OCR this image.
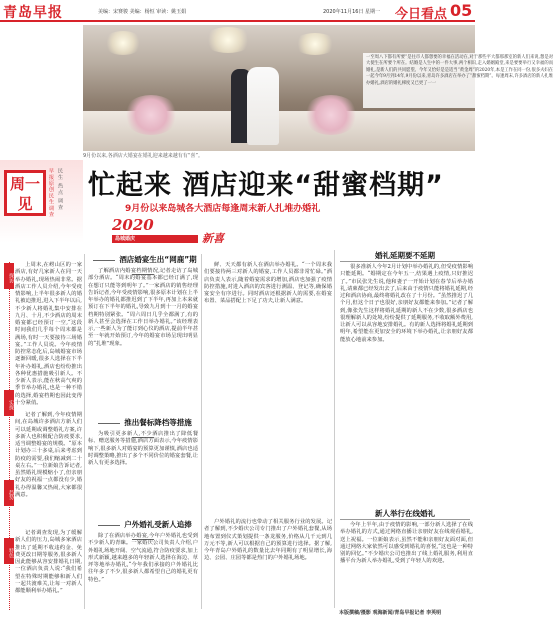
青岛早报	美编：宋赛骏 美编：杨恒 审读：姚玉娟	2020年11月16日 星期一 今日看点 05
一至周八下都有所要“是往市人都想要的幸福在活动在,对于那些平大都那那室的新人们来说,想是对大使生在所要个所在。结婚是人生中的一件大事,两个相识,走入婚姻殿堂,来是要要举行又幸福的而婚礼,是新人们的共同愿望。今年又恰好是是适当“黄金周”的2020年,本是工作在同一份,很多夫妇在一起今年9月到14年,9月份以来,青岛许多酒店在举办了“甜蜜档期”。每逢周末,许多酒店的新人扎堆办婚礼,酒店的婚礼梯度又已更了一一
9月份以来,各酒店大婚宴在婚礼迎来越来越有有“喜”。
周一见	早报原创民生调查 民生 热点 调查
探访
实探
趋势
特色
忙起来 酒店迎来“甜蜜档期”
9月份以来岛城各大酒店每逢周末新人扎堆办婚礼
2020
岛城婚庆	新喜
上周末,在崂山区的一家酒店,有好几家新人在同一天举办婚礼,现场热闹非常。据酒店工作人员介绍,今年受疫情影响,上半年很多新人的婚礼被迫推迟,进入下半年以后,不少新人将婚礼集中安排在九月、十月,不少酒店的周末婚宴都已经预订一空,“这段时间我们几乎每个周末都是满场,有时一天要接待三场婚宴。”工作人员说。今年疫情防控常态化后,岛城婚宴市场逐渐回暖,很多人选择在下半年补办婚礼,酒店也纷纷推出各种优惠措施吸引新人。不少新人表示,能在秋高气爽的季节举办婚礼,也是一种不错的选择,婚宴档期也因此变得十分紧俏。
记者了解到,今年疫情期间,在岛城许多酒店方新人们可以延期或调整婚礼方案,许多新人也积极配合防疫要求,适当调整婚宴的规模。“原本计划办三十多桌,后来考虑到防疫的需要,我们缩减到二十桌左右。”一位新娘告诉记者,虽然婚礼规模缩小了,但亲朋好友的祝福一点都没有少,婚礼办得温馨又热闹,大家都很满意。
记者调查发现,为了缓解新人们的压力,岛城多家酒店推出了延期不收违约金、免费更改日期等服务,很多新人因此能够从容安排婚礼日期,一位酒店负责人说:“我们希望在特殊时期能够和新人们一起共渡难关,让每一对新人都能顺利举办婚礼。”
酒店婚宴生出“网鹿”期
了解酒店内婚宴档期情况,记者走访了岛城部分酒店。“周末的婚宴基本都已经订满了,现在想订只能等到明年了。”一家酒店的销售经理告诉记者,今年受疫情影响,很多原本计划在上半年举办的婚礼都推迟到了下半年,再加上本来就预订在下半年的婚礼,导致九月到十一月的婚宴档期特别紧张。“周六周日几乎全都满了,有的新人甚至会选择在工作日举办婚礼。”该经理表示,一些新人为了能订到心仪的酒店,提前半年甚至一年就开始预订,今年的婚宴市场呈现出明显的“扎堆”现象。
推出餐标降档等措施
为吸引更多新人,不少酒店推出了降低餐标、赠送服务等措施,酒店方面表示,今年疫情影响下,很多新人对婚宴的预算更加谨慎,酒店也适时调整策略,推出了多个不同价位的婚宴套餐,让新人有更多选择。
户外婚礼受新人追捧
除了在酒店举办婚宴,今年户外婚礼也受到不少新人的青睐。一家婚庆公司负责人介绍,户外婚礼场地开阔、空气流通,符合防疫要求,加上形式新颖,越来越多的年轻新人选择在海边、草坪等地举办婚礼,“今年我们承接的户外婚礼比往年多了不少,很多新人都希望自己的婚礼更有特色。”
鲜、天天都有新人在酒店举办婚礼。“一个周末我们要接待两三对新人的婚宴,工作人员都非常忙碌。”酒店负责人表示,随着婚宴需求的增加,酒店也加强了疫情防控措施,对进入酒店的宾客进行测温、登记等,确保婚宴安全有序进行。同时酒店还根据新人的需要,在婚宴布置、菜品搭配上下足了功夫,让新人满意。
户外婚礼的流行也带动了相关服务行业的发展。记者了解到,不少婚庆公司专门推出了户外婚礼套餐,从场地布置到仪式策划提供一条龙服务,价格从几千元到几万元不等,新人可以根据自己的预算进行选择。据了解,今年青岛户外婚礼的数量比去年同期有了明显增长,海边、公园、庄园等都是热门的户外婚礼场地。
婚礼延期要不延期
很多准新人今年2月计划中举办婚礼的,但受疫情影响只能延期。“婚期定在今年五一,结果遇上疫情,只好推迟了。”市民张先生说,他和妻子一开始计划在春节后举办婚礼,请柬都已经发出去了,后来由于疫情只能将婚礼延期,经过和酒店协商,最终将婚礼改在了十月份。“虽然推迟了几个月,但这个日子也很好,亲朋好友都能来参加。”记者了解到,像张先生这样将婚礼延期的新人不在少数,很多酒店也很理解新人的处境,纷纷提供了延期服务,不收取额外费用,让新人可以从容地安排婚礼。有的新人选择将婚礼延期到明年,希望能在更加安全的环境下举办婚礼,让亲朋好友都能放心地前来参加。
新人举行在线婚礼
今年上半年,由于疫情的影响,一部分新人选择了在线举办婚礼的方式,通过网络直播让亲朋好友在线观看婚礼,送上祝福。一位新娘表示,虽然不能和亲朋好友面对面,但通过网络大家依然可以感受到婚礼的喜悦,“这也是一种特别的回忆。”不少婚庆公司也推出了线上婚礼服务,利用直播平台为新人举办婚礼,受到了年轻人的欢迎。
本版撰稿/摄影 观海新闻/青岛早报记者 李英明
